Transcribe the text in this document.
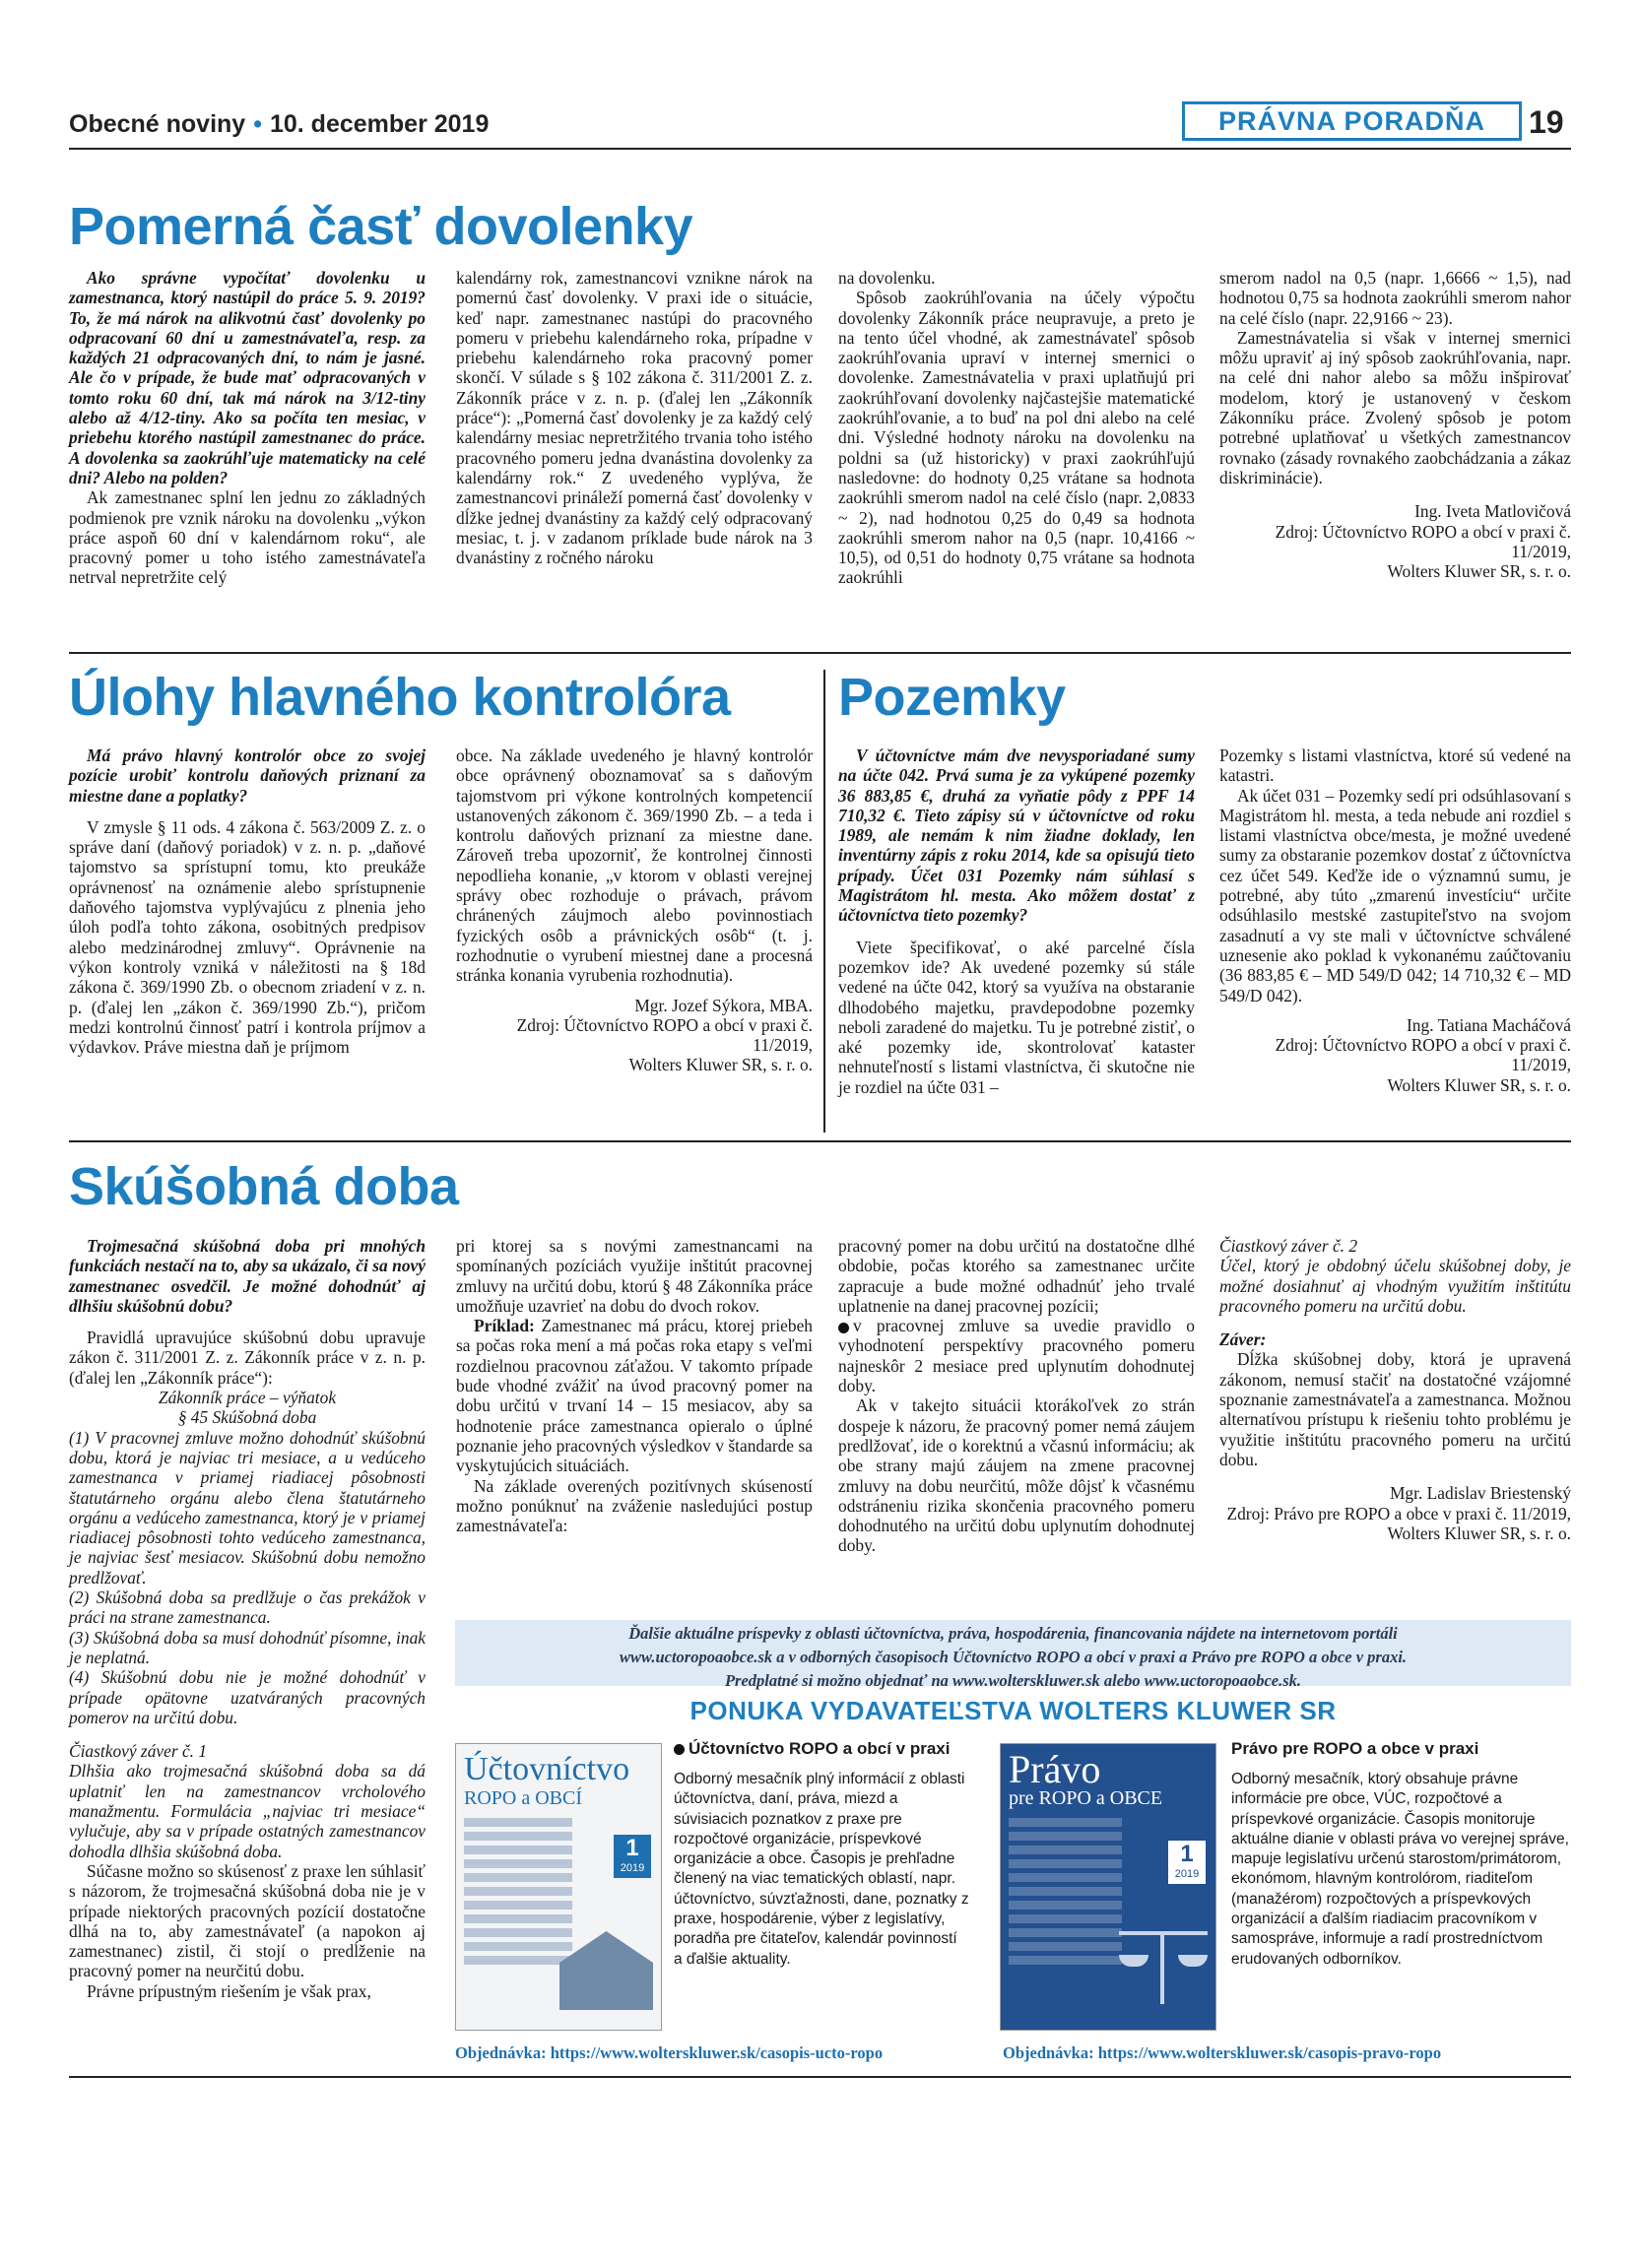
Obecné noviny • 10. december 2019	PRÁVNA PORADŇA	19
Pomerná časť dovolenky

Ako správne vypočítať dovolenku u zamestnanca, ktorý nastúpil do práce 5. 9. 2019? To, že má nárok na alikvotnú časť dovolenky po odpracovaní 60 dní u zamestnávateľa, resp. za každých 21 odpracovaných dní, to nám je jasné. Ale čo v prípade, že bude mať odpracovaných v tomto roku 60 dní, tak má nárok na 3/12-tiny alebo až 4/12-tiny. Ako sa počíta ten mesiac, v priebehu ktorého nastúpil zamestnanec do práce. A dovolenka sa zaokrúhľuje matematicky na celé dni? Alebo na polden?

Ak zamestnanec splní len jednu zo základných podmienok pre vznik nároku na dovolenku „výkon práce aspoň 60 dní v kalendárnom roku“, ale pracovný pomer u toho istého zamestnávateľa netrval nepretržite celý

kalendárny rok, zamestnancovi vznikne nárok na pomernú časť dovolenky. V praxi ide o situácie, keď napr. zamestnanec nastúpi do pracovného pomeru v priebehu kalendárneho roka, prípadne v priebehu kalendárneho roka pracovný pomer skončí. V súlade s § 102 zákona č. 311/2001 Z. z. Zákonník práce v z. n. p. (ďalej len „Zákonník práce“): „Pomerná časť dovolenky je za každý celý kalendárny mesiac nepretržitého trvania toho istého pracovného pomeru jedna dvanástina dovolenky za kalendárny rok.“ Z uvedeného vyplýva, že zamestnancovi prináleží pomerná časť dovolenky v dĺžke jednej dvanástiny za každý celý odpracovaný mesiac, t. j. v zadanom príklade bude nárok na 3 dvanástiny z ročného nároku

na dovolenku.

Spôsob zaokrúhľovania na účely výpočtu dovolenky Zákonník práce neupravuje, a preto je na tento účel vhodné, ak zamestnávateľ spôsob zaokrúhľovania upraví v internej smernici o dovolenke. Zamestnávatelia v praxi uplatňujú pri zaokrúhľovaní dovolenky najčastejšie matematické zaokrúhľovanie, a to buď na pol dni alebo na celé dni. Výsledné hodnoty nároku na dovolenku na poldni sa (už historicky) v praxi zaokrúhľujú nasledovne: do hodnoty 0,25 vrátane sa hodnota zaokrúhli smerom nadol na celé číslo (napr. 2,0833 ~ 2), nad hodnotou 0,25 do 0,49 sa hodnota zaokrúhli smerom nahor na 0,5 (napr. 10,4166 ~ 10,5), od 0,51 do hodnoty 0,75 vrátane sa hodnota zaokrúhli

smerom nadol na 0,5 (napr. 1,6666 ~ 1,5), nad hodnotou 0,75 sa hodnota zaokrúhli smerom nahor na celé číslo (napr. 22,9166 ~ 23).

Zamestnávatelia si však v internej smernici môžu upraviť aj iný spôsob zaokrúhľovania, napr. na celé dni nahor alebo sa môžu inšpirovať modelom, ktorý je ustanovený v českom Zákonníku práce. Zvolený spôsob je potom potrebné uplatňovať u všetkých zamestnancov rovnako (zásady rovnakého zaobchádzania a zákaz diskriminácie).

Ing. Iveta Matlovičová

Zdroj: Účtovníctvo ROPO a obcí v praxi č. 11/2019,

Wolters Kluwer SR, s. r. o.

Úlohy hlavného kontrolóra

Má právo hlavný kontrolór obce zo svojej pozície urobiť kontrolu daňových priznaní za miestne dane a poplatky?

V zmysle § 11 ods. 4 zákona č. 563/2009 Z. z. o správe daní (daňový poriadok) v z. n. p. „daňové tajomstvo sa sprístupní tomu, kto preukáže oprávnenosť na oznámenie alebo sprístupnenie daňového tajomstva vyplývajúcu z plnenia jeho úloh podľa tohto zákona, osobitných predpisov alebo medzinárodnej zmluvy“. Oprávnenie na výkon kontroly vzniká v náležitosti na § 18d zákona č. 369/1990 Zb. o obecnom zriadení v z. n. p. (ďalej len „zákon č. 369/1990 Zb.“), pričom medzi kontrolnú činnosť patrí i kontrola príjmov a výdavkov. Práve miestna daň je príjmom

obce. Na základe uvedeného je hlavný kontrolór obce oprávnený oboznamovať sa s daňovým tajomstvom pri výkone kontrolných kompetencií ustanovených zákonom č. 369/1990 Zb. – a teda i kontrolu daňových priznaní za miestne dane. Zároveň treba upozorniť, že kontrolnej činnosti nepodlieha konanie, „v ktorom v oblasti verejnej správy obec rozhoduje o právach, právom chránených záujmoch alebo povinnostiach fyzických osôb a právnických osôb“ (t. j. rozhodnutie o vyrubení miestnej dane a procesná stránka konania vyrubenia rozhodnutia).

Mgr. Jozef Sýkora, MBA.

Zdroj: Účtovníctvo ROPO a obcí v praxi č. 11/2019,

Wolters Kluwer SR, s. r. o.

Pozemky

V účtovníctve mám dve nevysporiadané sumy na účte 042. Prvá suma je za vykúpené pozemky 36 883,85 €, druhá za vyňatie pôdy z PPF 14 710,32 €. Tieto zápisy sú v účtovníctve od roku 1989, ale nemám k nim žiadne doklady, len inventúrny zápis z roku 2014, kde sa opisujú tieto prípady. Účet 031 Pozemky nám súhlasí s Magistrátom hl. mesta. Ako môžem dostať z účtovníctva tieto pozemky?

Viete špecifikovať, o aké parcelné čísla pozemkov ide? Ak uvedené pozemky sú stále vedené na účte 042, ktorý sa využíva na obstaranie dlhodobého majetku, pravdepodobne pozemky neboli zaradené do majetku. Tu je potrebné zistiť, o aké pozemky ide, skontrolovať kataster nehnuteľností s listami vlastníctva, či skutočne nie je rozdiel na účte 031 –

Pozemky s listami vlastníctva, ktoré sú vedené na katastri.

Ak účet 031 – Pozemky sedí pri odsúhlasovaní s Magistrátom hl. mesta, a teda nebude ani rozdiel s listami vlastníctva obce/mesta, je možné uvedené sumy za obstaranie pozemkov dostať z účtovníctva cez účet 549. Keďže ide o významnú sumu, je potrebné, aby túto „zmarenú investíciu“ určite odsúhlasilo mestské zastupiteľstvo na svojom zasadnutí a vy ste mali v účtovníctve schválené uznesenie ako poklad k vykonanému zaúčtovaniu (36 883,85 € – MD 549/D 042; 14 710,32 € – MD 549/D 042).

Ing. Tatiana Macháčová

Zdroj: Účtovníctvo ROPO a obcí v praxi č. 11/2019,

Wolters Kluwer SR, s. r. o.

Skúšobná doba

Trojmesačná skúšobná doba pri mnohých funkciách nestačí na to, aby sa ukázalo, či sa nový zamestnanec osvedčil. Je možné dohodnúť aj dlhšiu skúšobnú dobu?

Pravidlá upravujúce skúšobnú dobu upravuje zákon č. 311/2001 Z. z. Zákonník práce v z. n. p. (ďalej len „Zákonník práce“):

Zákonník práce – výňatok

§ 45 Skúšobná doba

(1) V pracovnej zmluve možno dohodnúť skúšobnú dobu, ktorá je najviac tri mesiace, a u vedúceho zamestnanca v priamej riadiacej pôsobnosti štatutárneho orgánu alebo člena štatutárneho orgánu a vedúceho zamestnanca, ktorý je v priamej riadiacej pôsobnosti tohto vedúceho zamestnanca, je najviac šesť mesiacov. Skúšobnú dobu nemožno predlžovať.

(2) Skúšobná doba sa predlžuje o čas prekážok v práci na strane zamestnanca.

(3) Skúšobná doba sa musí dohodnúť písomne, inak je neplatná.

(4) Skúšobnú dobu nie je možné dohodnúť v prípade opätovne uzatváraných pracovných pomerov na určitú dobu.

Čiastkový záver č. 1

Dlhšia ako trojmesačná skúšobná doba sa dá uplatniť len na zamestnancov vrcholového manažmentu. Formulácia „najviac tri mesiace“ vylučuje, aby sa v prípade ostatných zamestnancov dohodla dlhšia skúšobná doba.

Súčasne možno so skúsenosť z praxe len súhlasiť s názorom, že trojmesačná skúšobná doba nie je v prípade niektorých pracovných pozícií dostatočne dlhá na to, aby zamestnávateľ (a napokon aj zamestnanec) zistil, či stojí o predĺženie na pracovný pomer na neurčitú dobu.

Právne prípustným riešením je však prax,

pri ktorej sa s novými zamestnancami na spomínaných pozíciách využije inštitút pracovnej zmluvy na určitú dobu, ktorú § 48 Zákonníka práce umožňuje uzavrieť na dobu do dvoch rokov.

Príklad: Zamestnanec má prácu, ktorej priebeh sa počas roka mení a má počas roka etapy s veľmi rozdielnou pracovnou záťažou. V takomto prípade bude vhodné zvážiť na úvod pracovný pomer na dobu určitú v trvaní 14 – 15 mesiacov, aby sa hodnotenie práce zamestnanca opieralo o úplné poznanie jeho pracovných výsledkov v štandarde sa vyskytujúcich situáciách.

Na základe overených pozitívnych skúseností možno ponúknuť na zváženie nasledujúci postup zamestnávateľa:

pracovný pomer na dobu určitú na dostatočne dlhé obdobie, počas ktorého sa zamestnanec určite zapracuje a bude možné odhadnúť jeho trvalé uplatnenie na danej pracovnej pozícii;

v pracovnej zmluve sa uvedie pravidlo o vyhodnotení perspektívy pracovného pomeru najneskôr 2 mesiace pred uplynutím dohodnutej doby.

Ak v takejto situácii ktorákoľvek zo strán dospeje k názoru, že pracovný pomer nemá záujem predlžovať, ide o korektnú a včasnú informáciu; ak obe strany majú záujem na zmene pracovnej zmluvy na dobu neurčitú, môže dôjsť k včasnému odstráneniu rizika skončenia pracovného pomeru dohodnutého na určitú dobu uplynutím dohodnutej doby.

Čiastkový záver č. 2

Účel, ktorý je obdobný účelu skúšobnej doby, je možné dosiahnuť aj vhodným využitím inštitútu pracovného pomeru na určitú dobu.

Záver:

Dĺžka skúšobnej doby, ktorá je upravená zákonom, nemusí stačiť na dostatočné vzájomné spoznanie zamestnávateľa a zamestnanca. Možnou alternatívou prístupu k riešeniu tohto problému je využitie inštitútu pracovného pomeru na určitú dobu.

Mgr. Ladislav Briestenský

Zdroj: Právo pre ROPO a obce v praxi č. 11/2019,

Wolters Kluwer SR, s. r. o.

Ďalšie aktuálne príspevky z oblasti účtovníctva, práva, hospodárenia, financovania nájdete na internetovom portáli

www.uctoropoaobce.sk a v odborných časopisoch Účtovníctvo ROPO a obcí v praxi a Právo pre ROPO a obce v praxi.

Predplatné si možno objednať na www.wolterskluwer.sk alebo www.uctoropoaobce.sk.

PONUKA VYDAVATEĽSTVA WOLTERS KLUWER SR
Účtovníctvo
ROPO a OBCÍ
1
2019
Účtovníctvo ROPO a obcí v praxi
Odborný mesačník plný informácií z oblasti účtovníctva, daní, práva, miezd a súvisiacich poznatkov z praxe pre rozpočtové organizácie, príspevkové organizácie a obce. Časopis je prehľadne členený na viac tematických oblastí, napr. účtovníctvo, súvzťažnosti, dane, poznatky z praxe, hospodárenie, výber z legislatívy, poradňa pre čitateľov, kalendár povinností a ďalšie aktuality.
Objednávka: https://www.wolterskluwer.sk/casopis-ucto-ropo
Právo
pre ROPO a OBCE
1
2019
Právo pre ROPO a obce v praxi
Odborný mesačník, ktorý obsahuje právne informácie pre obce, VÚC, rozpočtové a príspevkové organizácie. Časopis monitoruje aktuálne dianie v oblasti práva vo verejnej správe, mapuje legislatívu určenú starostom/primátorom, ekonómom, hlavným kontrolórom, riaditeľom (manažérom) rozpočtových a príspevkových organizácií a ďalším riadiacim pracovníkom v samospráve, informuje a radí prostredníctvom erudovaných odborníkov.
Objednávka: https://www.wolterskluwer.sk/casopis-pravo-ropo
